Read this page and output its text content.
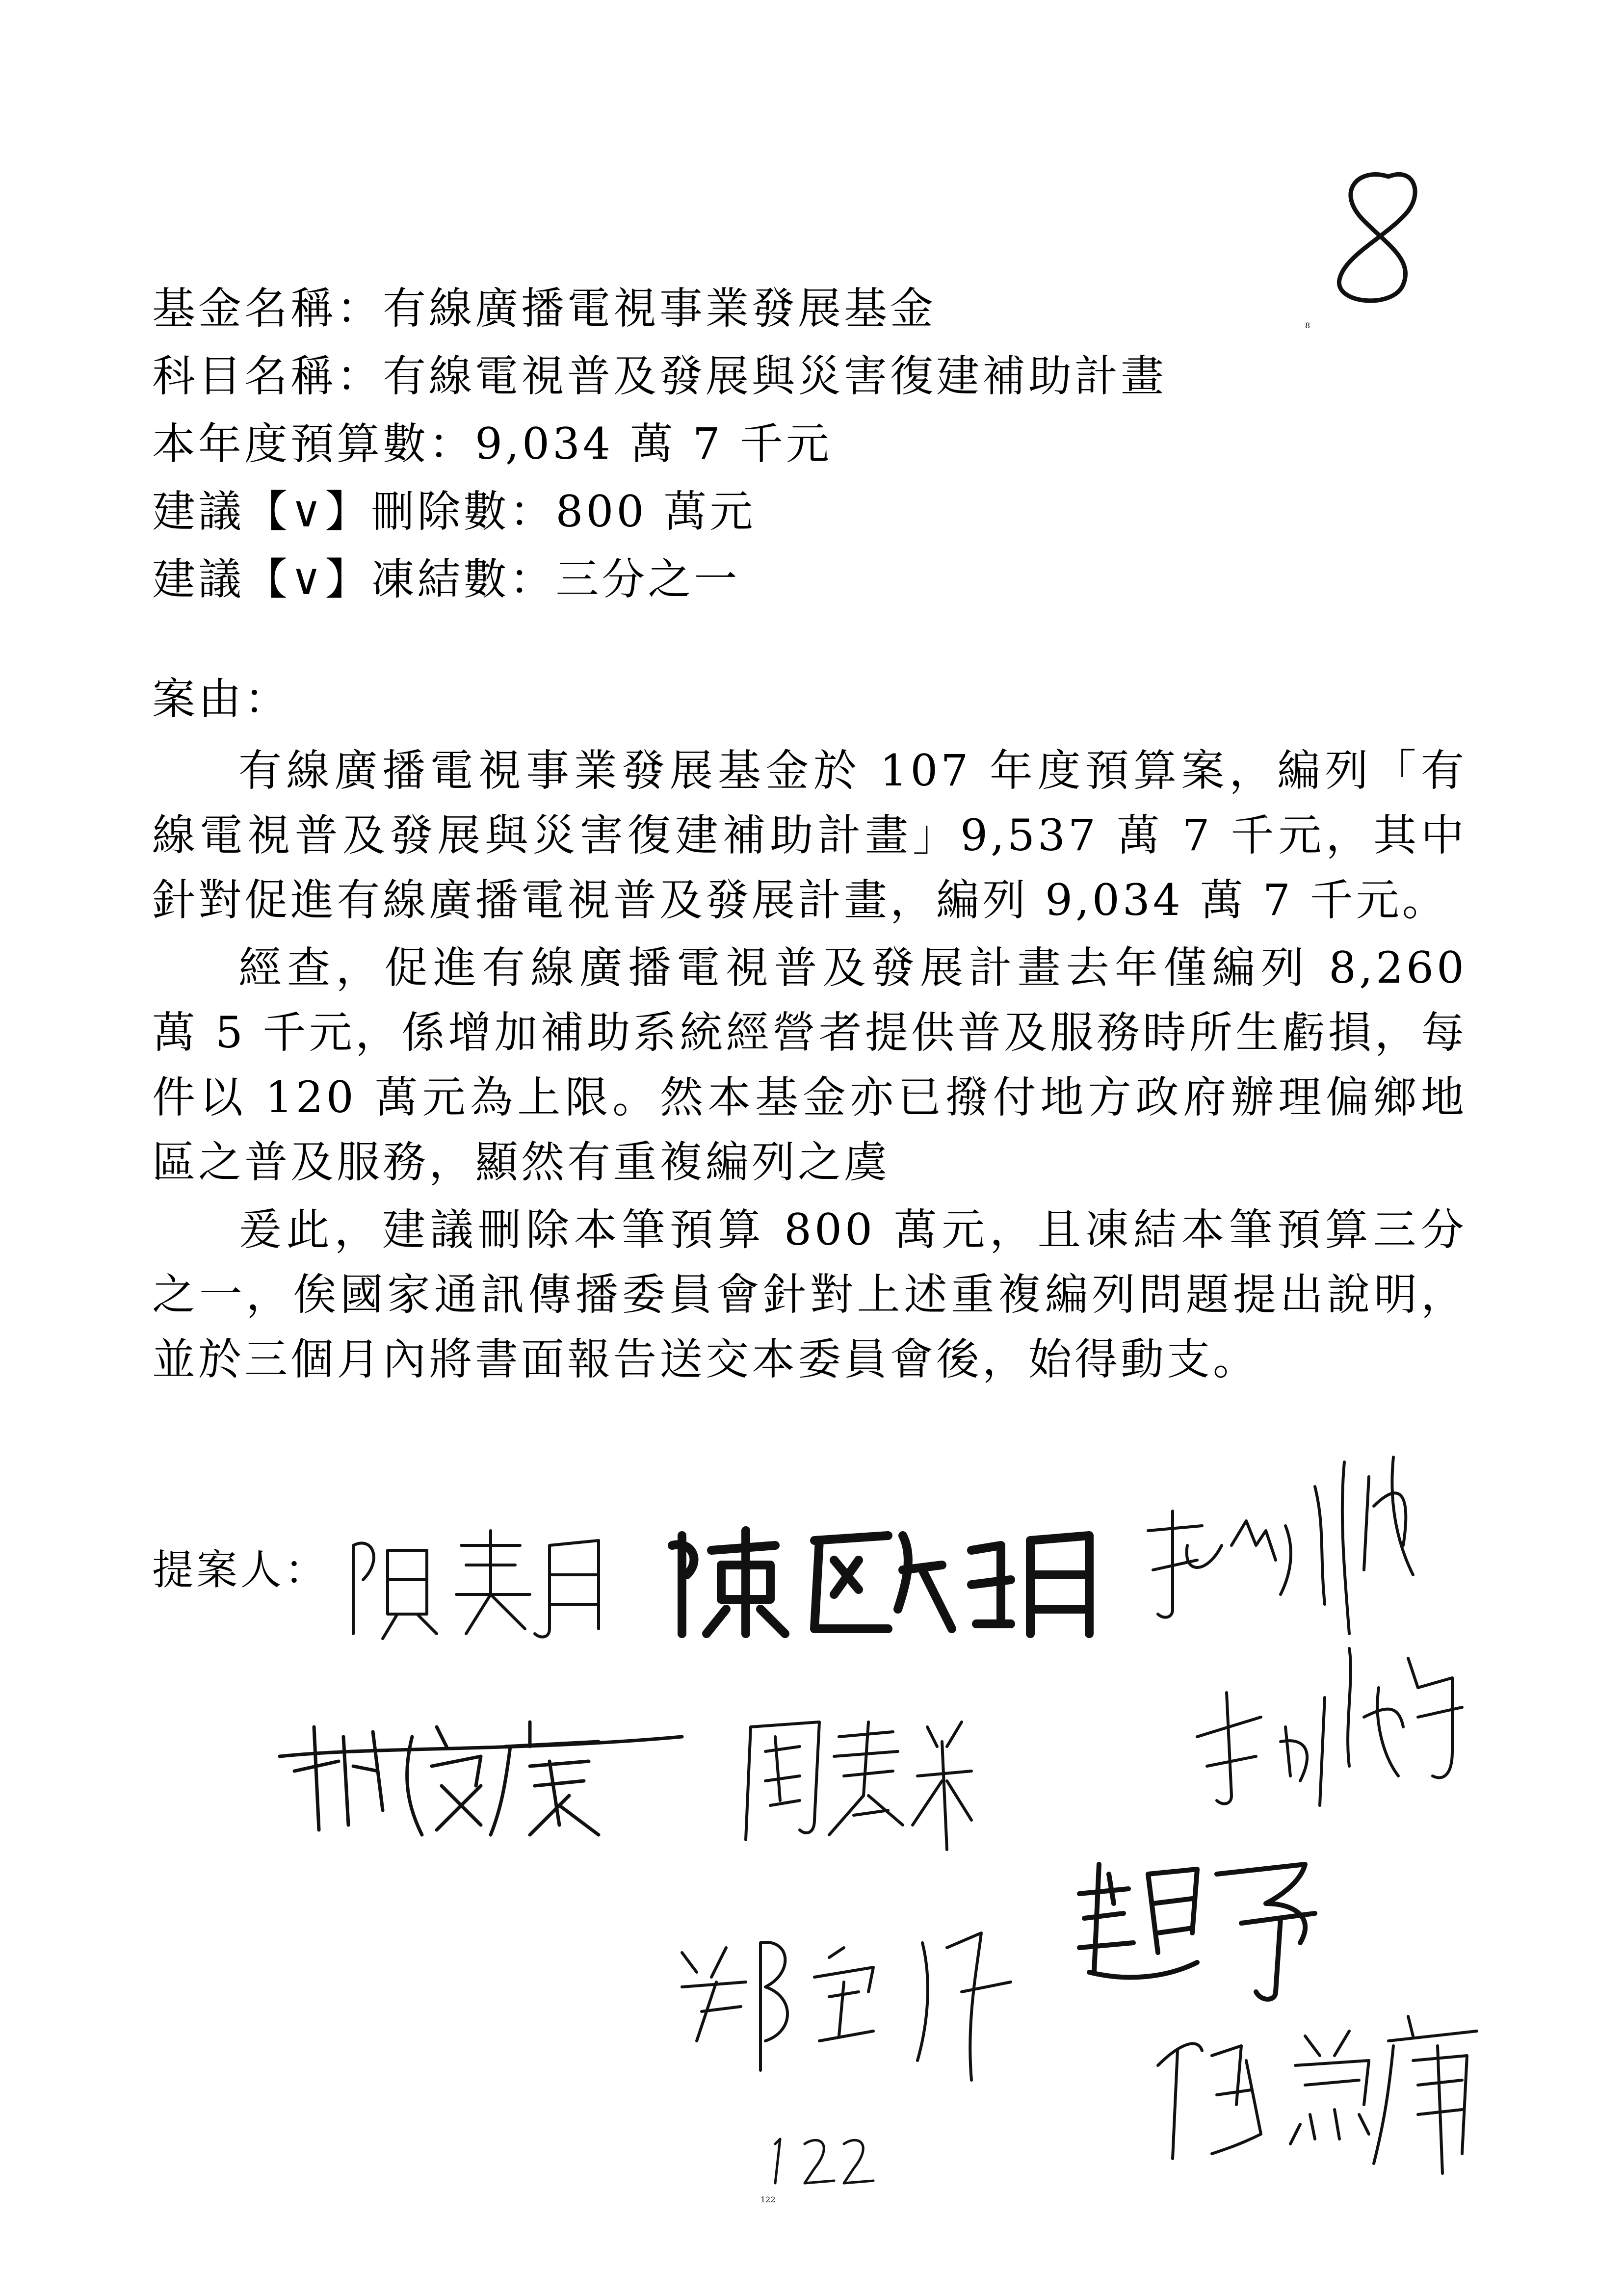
8
基金名稱：有線廣播電視事業發展基金
科目名稱：有線電視普及發展與災害復建補助計畫
本年度預算數：9,034 萬 7 千元
建議【∨】刪除數：800 萬元
建議【∨】凍結數：三分之一
案由：

有線廣播電視事業發展基金於 107 年度預算案，編列「有線電視普及發展與災害復建補助計畫」9,537 萬 7 千元，其中針對促進有線廣播電視普及發展計畫，編列 9,034 萬 7 千元。

經查，促進有線廣播電視普及發展計畫去年僅編列 8,260 萬 5 千元，係增加補助系統經營者提供普及服務時所生虧損，每件以 120 萬元為上限。然本基金亦已撥付地方政府辦理偏鄉地區之普及服務，顯然有重複編列之虞

爰此，建議刪除本筆預算 800 萬元，且凍結本筆預算三分之一，俟國家通訊傳播委員會針對上述重複編列問題提出說明，並於三個月內將書面報告送交本委員會後，始得動支。

提案人：
122
